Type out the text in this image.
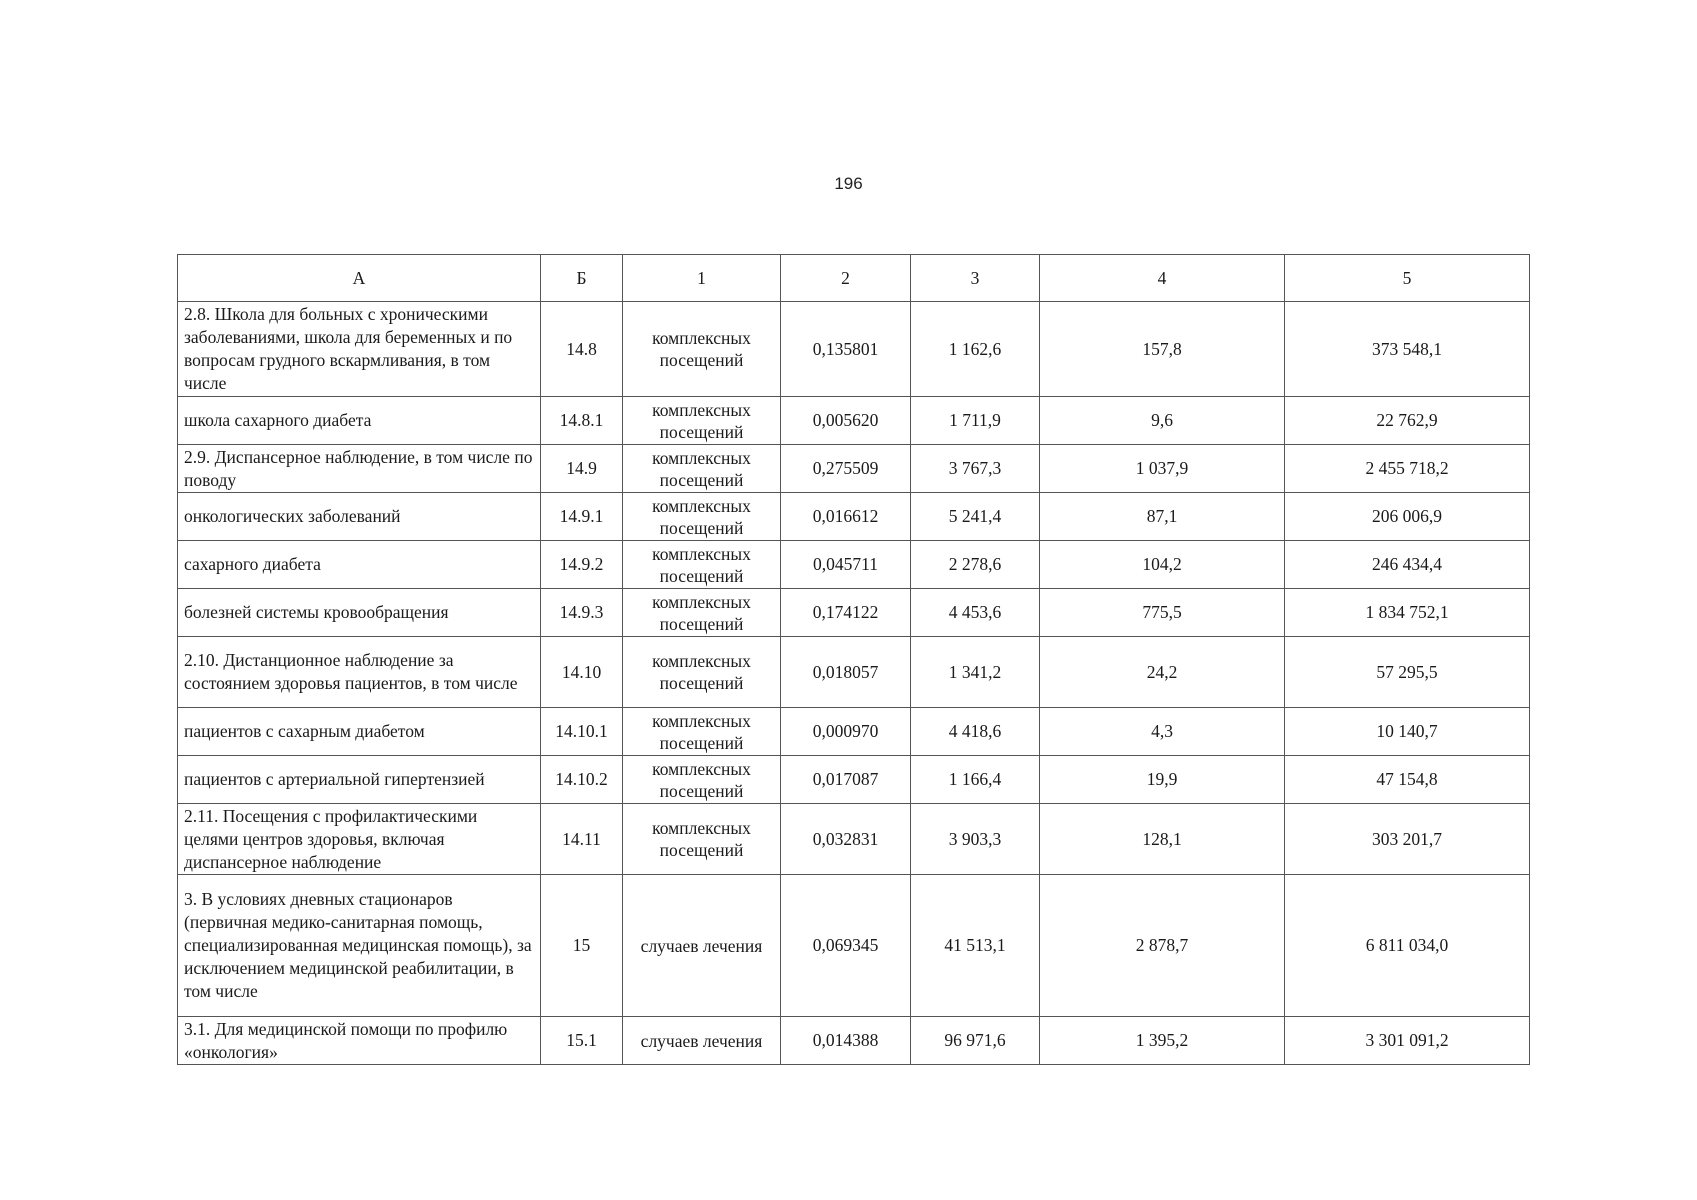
196
А	Б	1	2	3	4	5
2.8. Школа для больных с хроническими заболеваниями, школа для беременных и по вопросам грудного вскармливания, в том числе	14.8	комплексных посещений	0,135801	1 162,6	157,8	373 548,1
школа сахарного диабета	14.8.1	комплексных посещений	0,005620	1 711,9	9,6	22 762,9
2.9. Диспансерное наблюдение, в том числе по поводу	14.9	комплексных посещений	0,275509	3 767,3	1 037,9	2 455 718,2
онкологических заболеваний	14.9.1	комплексных посещений	0,016612	5 241,4	87,1	206 006,9
сахарного диабета	14.9.2	комплексных посещений	0,045711	2 278,6	104,2	246 434,4
болезней системы кровообращения	14.9.3	комплексных посещений	0,174122	4 453,6	775,5	1 834 752,1
2.10. Дистанционное наблюдение за состоянием здоровья пациентов, в том числе	14.10	комплексных посещений	0,018057	1 341,2	24,2	57 295,5
пациентов с сахарным диабетом	14.10.1	комплексных посещений	0,000970	4 418,6	4,3	10 140,7
пациентов с артериальной гипертензией	14.10.2	комплексных посещений	0,017087	1 166,4	19,9	47 154,8
2.11. Посещения с профилактическими целями центров здоровья, включая диспансерное наблюдение	14.11	комплексных посещений	0,032831	3 903,3	128,1	303 201,7
3. В условиях дневных стационаров (первичная медико-санитарная помощь, специализированная медицинская помощь), за исключением медицинской реабилитации, в том числе	15	случаев лечения	0,069345	41 513,1	2 878,7	6 811 034,0
3.1. Для медицинской помощи по профилю «онкология»	15.1	случаев лечения	0,014388	96 971,6	1 395,2	3 301 091,2
